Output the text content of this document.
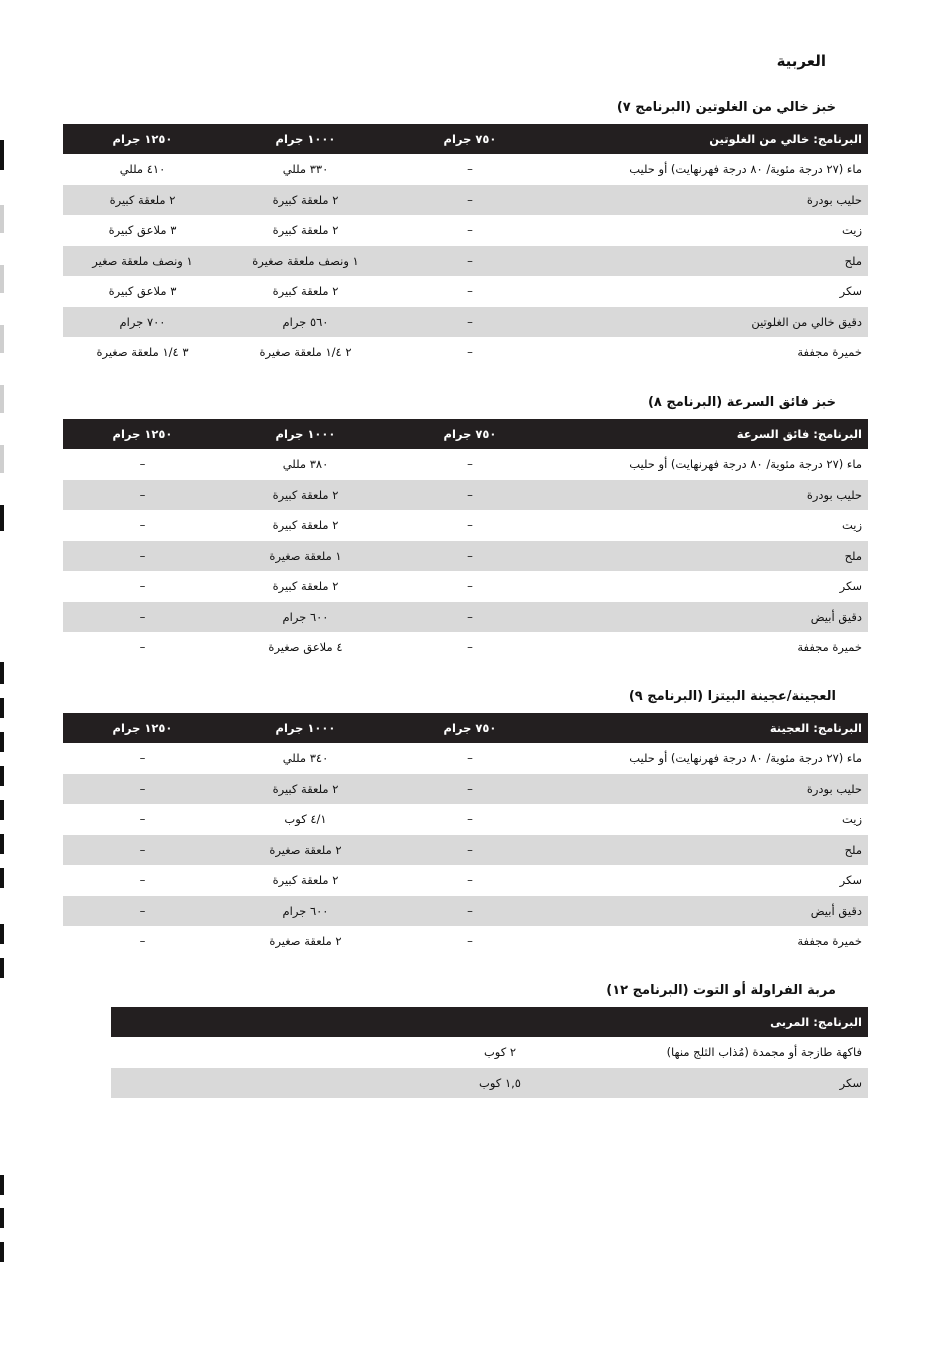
العربية
خبز خالي من الغلوتين (البرنامج ٧)
البرنامج: خالي من الغلوتين	٧٥٠ جرام	١٠٠٠ جرام	١٢٥٠ جرام
ماء (٢٧ درجة مئوية/ ٨٠ درجة فهرنهايت) أو حليب	–	٣٣٠ مللي	٤١٠ مللي
حليب بودرة	–	٢ ملعقة كبيرة	٢ ملعقة كبيرة
زيت	–	٢ ملعقة كبيرة	٣ ملاعق كبيرة
ملح	–	١ ونصف ملعقة صغيرة	١ ونصف ملعقة صغير
سكر	–	٢ ملعقة كبيرة	٣ ملاعق كبيرة
دقيق خالي من الغلوتين	–	٥٦٠ جرام	٧٠٠ جرام
خميرة مجففة	–	٢ ١/٤ ملعقة صغيرة	٣ ١/٤ ملعقة صغيرة
خبز فائق السرعة (البرنامج ٨)
البرنامج: فائق السرعة	٧٥٠ جرام	١٠٠٠ جرام	١٢٥٠ جرام
ماء (٢٧ درجة مئوية/ ٨٠ درجة فهرنهايت) أو حليب	–	٣٨٠ مللي	–
حليب بودرة	–	٢ ملعقة كبيرة	–
زيت	–	٢ ملعقة كبيرة	–
ملح	–	١ ملعقة صغيرة	–
سكر	–	٢ ملعقة كبيرة	–
دقيق أبيض	–	٦٠٠ جرام	–
خميرة مجففة	–	٤ ملاعق صغيرة	–
العجينة/عجينة البيتزا (البرنامج ٩)
البرنامج: العجينة	٧٥٠ جرام	١٠٠٠ جرام	١٢٥٠ جرام
ماء (٢٧ درجة مئوية/ ٨٠ درجة فهرنهايت) أو حليب	–	٣٤٠ مللي	–
حليب بودرة	–	٢ ملعقة كبيرة	–
زيت	–	٤/١ كوب	–
ملح	–	٢ ملعقة صغيرة	–
سكر	–	٢ ملعقة كبيرة	–
دقيق أبيض	–	٦٠٠ جرام	–
خميرة مجففة	–	٢ ملعقة صغيرة	–
مربة الفراولة أو التوت (البرنامج ١٢)
البرنامج: المربى		
فاكهة طازجة أو مجمدة (مُذاب الثلج منها)	٢ كوب	
سكر	١,٥ كوب	
